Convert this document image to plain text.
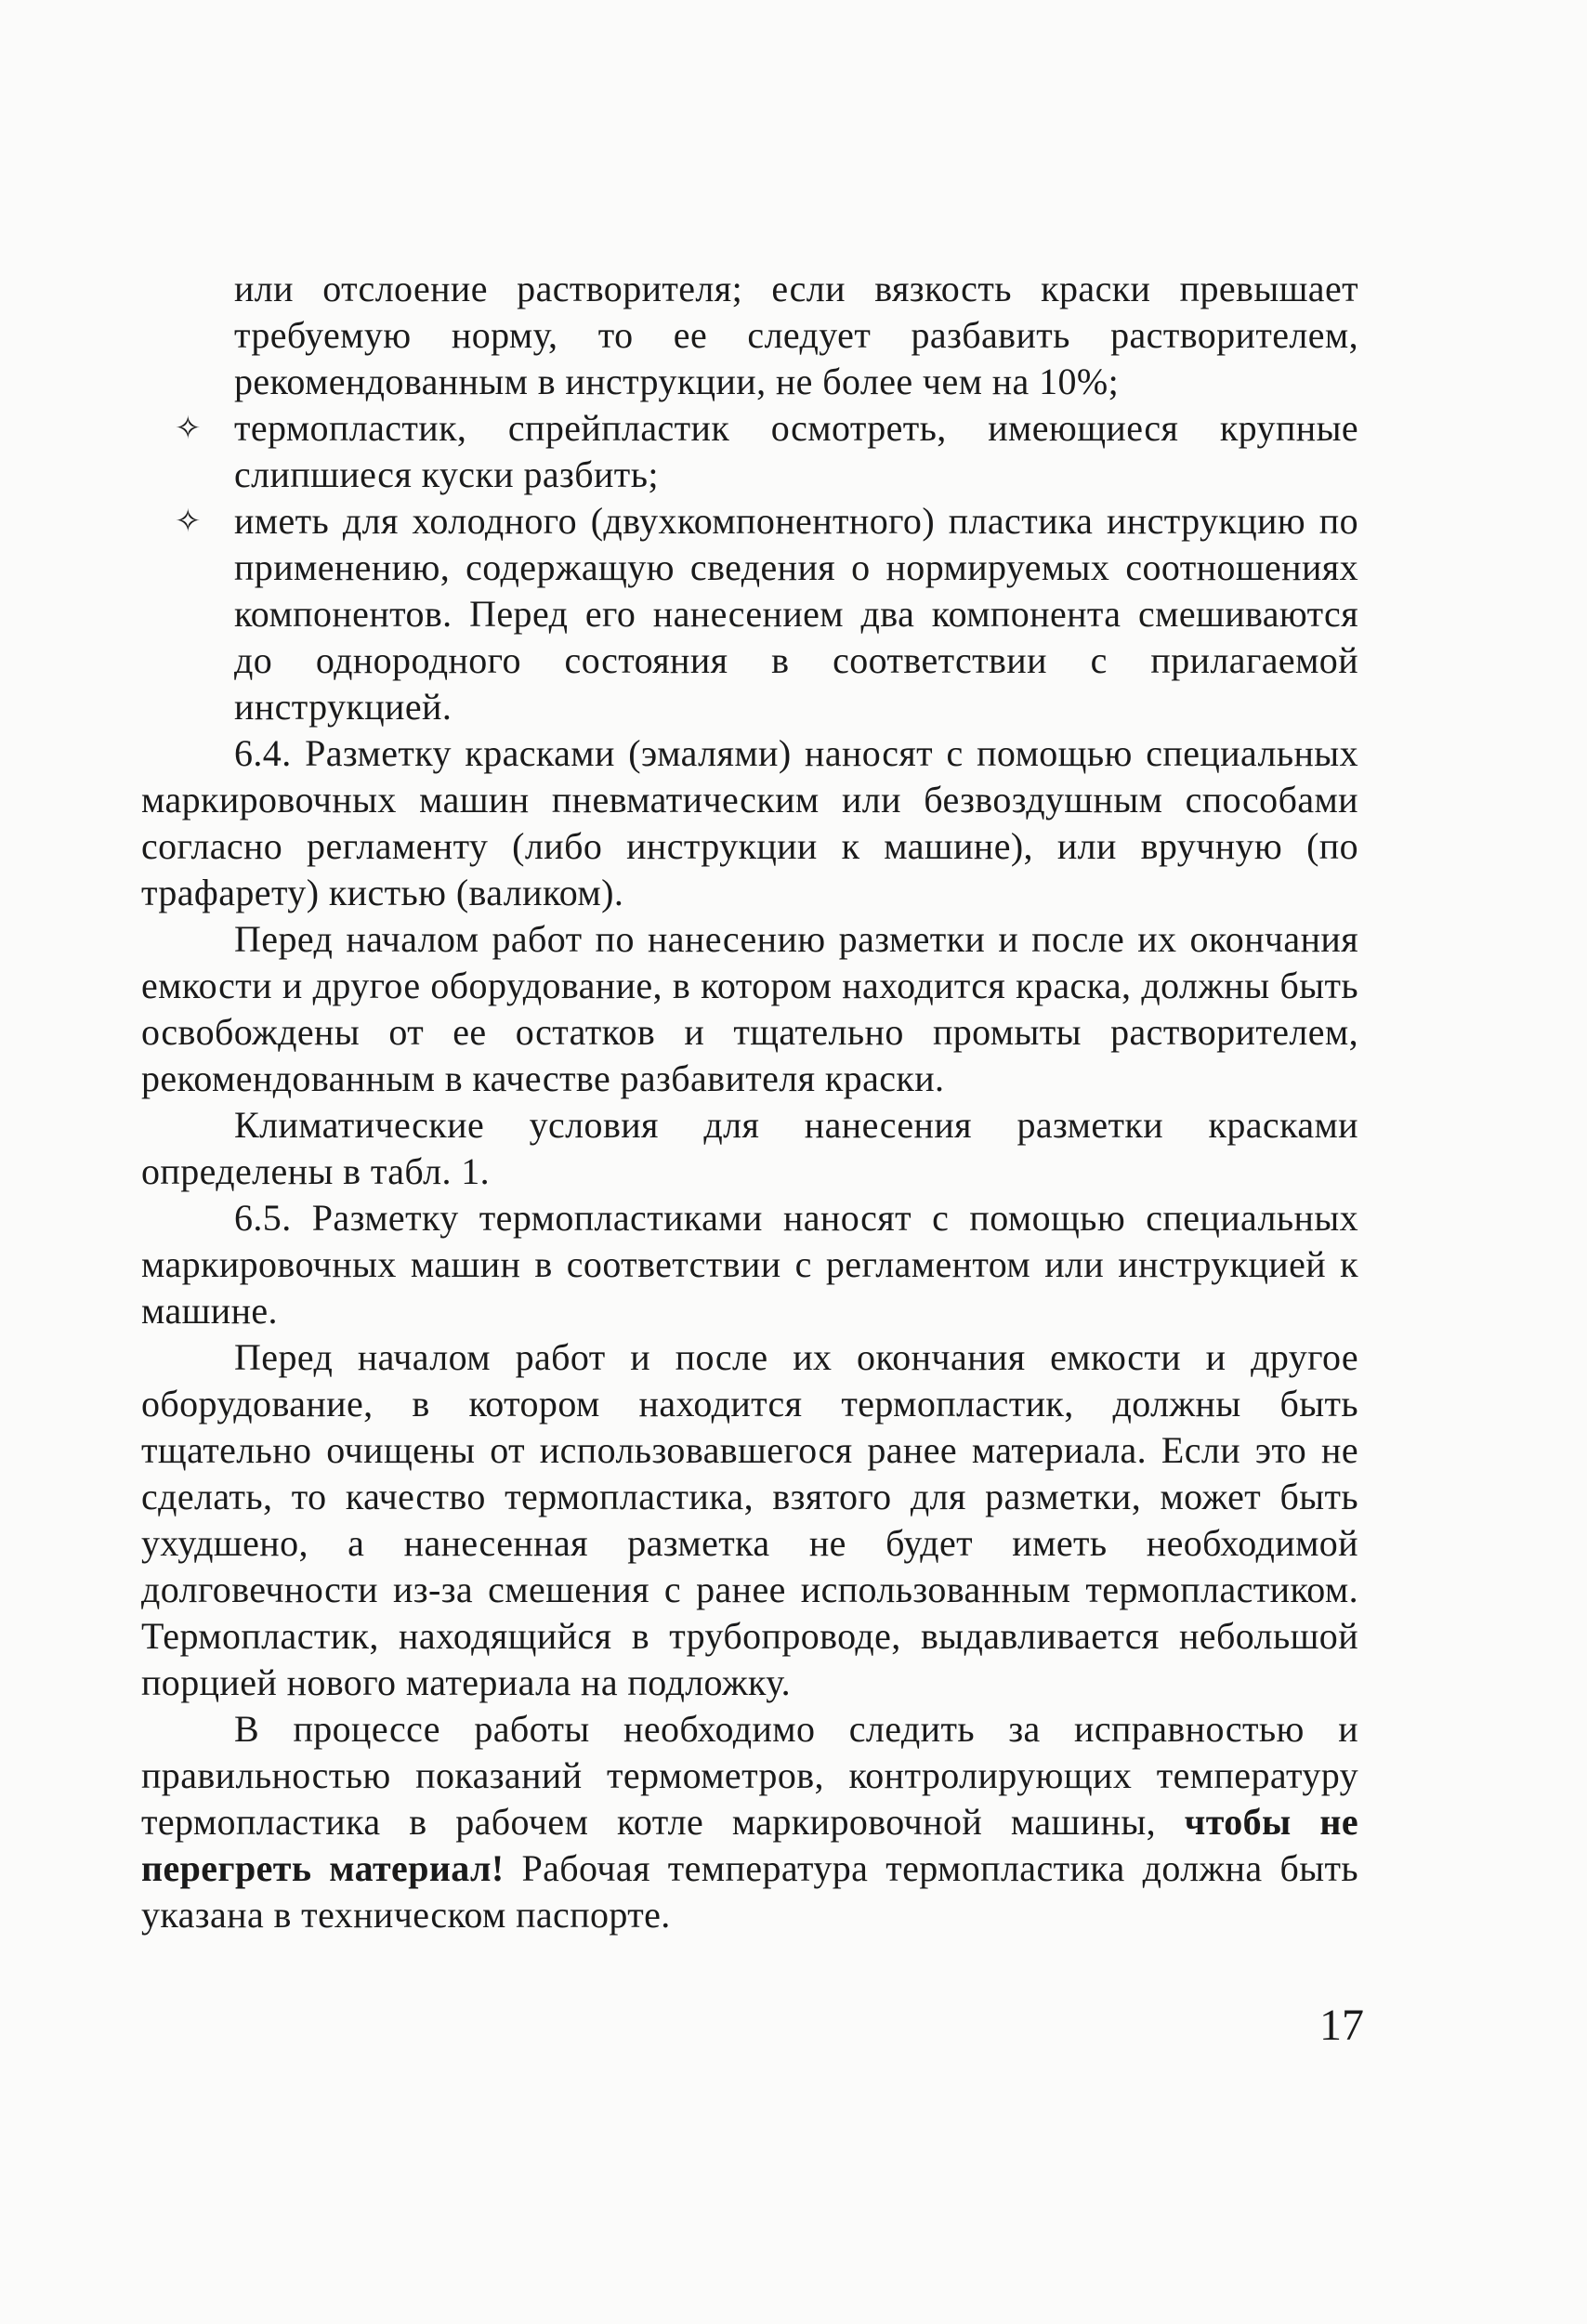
или отслоение растворителя; если вязкость краски превышает требуемую норму, то ее следует разбавить растворителем, рекомендованным в инструкции, не более чем на 10%;

✧ термопластик, спрейпластик осмотреть, имеющиеся крупные слипшиеся куски разбить;

✧ иметь для холодного (двухкомпонентного) пластика инструкцию по применению, содержащую сведения о нормируемых соотношениях компонентов. Перед его нанесением два компонента смешиваются до однородного состояния в соответствии с прилагаемой инструкцией.

6.4. Разметку красками (эмалями) наносят с помощью специальных маркировочных машин пневматическим или безвоздушным способами согласно регламенту (либо инструкции к машине), или вручную (по трафарету) кистью (валиком).

Перед началом работ по нанесению разметки и после их окончания емкости и другое оборудование, в котором находится краска, должны быть освобождены от ее остатков и тщательно промыты растворителем, рекомендованным в качестве разбавителя краски.

Климатические условия для нанесения разметки красками определены в табл. 1.

6.5. Разметку термопластиками наносят с помощью специальных маркировочных машин в соответствии с регламентом или инструкцией к машине.

Перед началом работ и после их окончания емкости и другое оборудование, в котором находится термопластик, должны быть тщательно очищены от использовавшегося ранее материала. Если это не сделать, то качество термопластика, взятого для разметки, может быть ухудшено, а нанесенная разметка не будет иметь необходимой долговечности из-за смешения с ранее использованным термопластиком. Термопластик, находящийся в трубопроводе, выдавливается небольшой порцией нового материала на подложку.

В процессе работы необходимо следить за исправностью и правильностью показаний термометров, контролирующих температуру термопластика в рабочем котле маркировочной машины, чтобы не перегреть материал! Рабочая температура термопластика должна быть указана в техническом паспорте.

17
